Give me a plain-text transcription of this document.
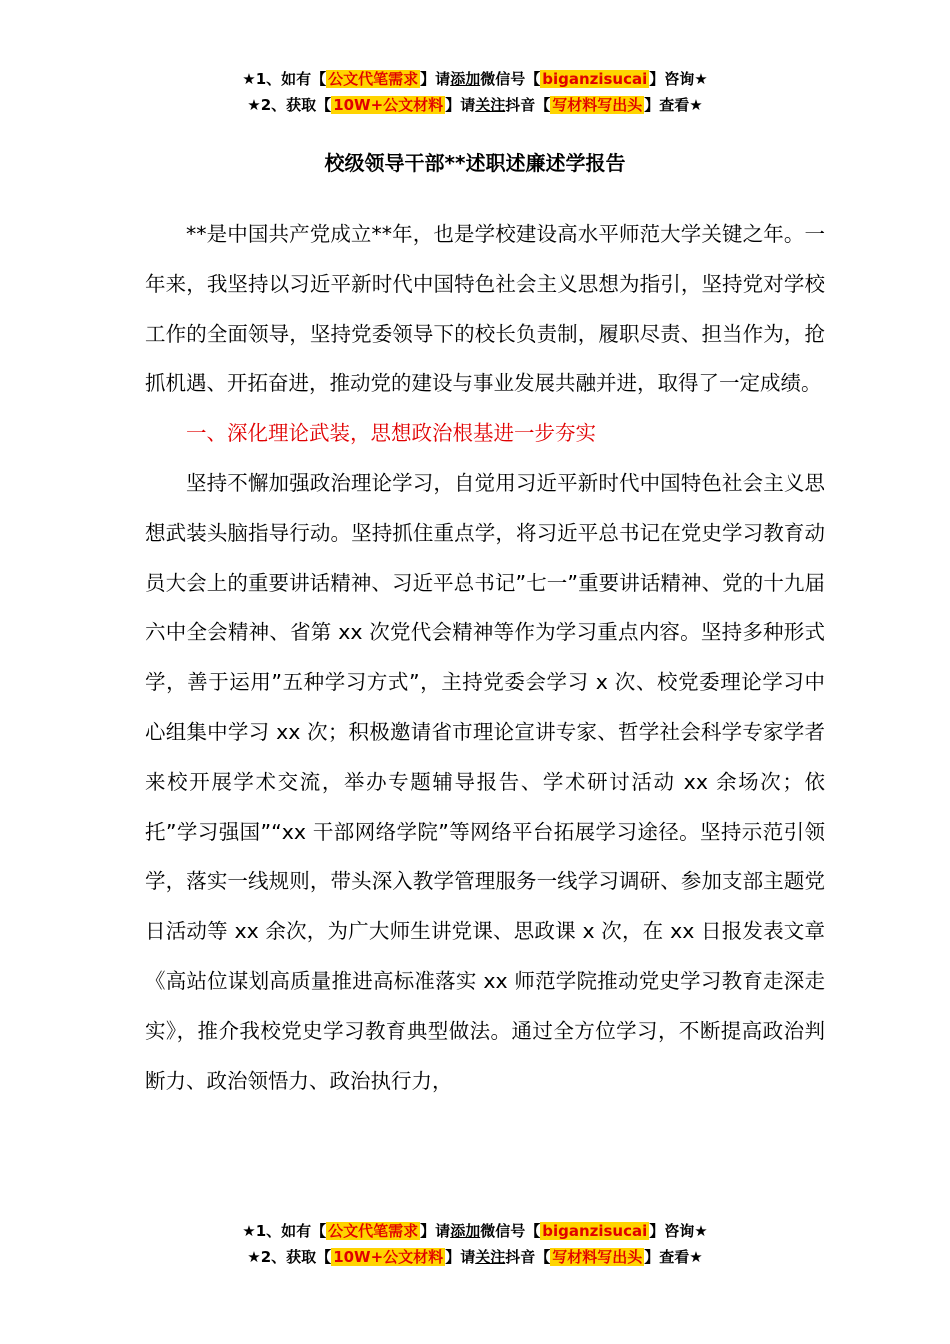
★1、如有【 公文代笔需求 】请添加微信号【 biganzisucai 】咨询★
★2、获取【 10W+公文材料 】请关注抖音【 写材料写出头 】查看★
校级领导干部**述职述廉述学报告

**是中国共产党成立**年，也是学校建设高水平师范大学关键之年。一年来，我坚持以习近平新时代中国特色社会主义思想为指引，坚持党对学校工作的全面领导，坚持党委领导下的校长负责制，履职尽责、担当作为，抢抓机遇、开拓奋进，推动党的建设与事业发展共融并进，取得了一定成绩。

一、深化理论武装，思想政治根基进一步夯实

坚持不懈加强政治理论学习，自觉用习近平新时代中国特色社会主义思想武装头脑指导行动。坚持抓住重点学，将习近平总书记在党史学习教育动员大会上的重要讲话精神、习近平总书记”七一”重要讲话精神、党的十九届六中全会精神、省第 xx 次党代会精神等作为学习重点内容。坚持多种形式学，善于运用”五种学习方式”，主持党委会学习 x 次、校党委理论学习中心组集中学习 xx 次；积极邀请省市理论宣讲专家、哲学社会科学专家学者来校开展学术交流，举办专题辅导报告、学术研讨活动 xx 余场次；依托”学习强国”“xx 干部网络学院”等网络平台拓展学习途径。坚持示范引领学，落实一线规则，带头深入教学管理服务一线学习调研、参加支部主题党日活动等 xx 余次，为广大师生讲党课、思政课 x 次，在 xx 日报发表文章《高站位谋划高质量推进高标准落实 xx 师范学院推动党史学习教育走深走实》，推介我校党史学习教育典型做法。通过全方位学习，不断提高政治判断力、政治领悟力、政治执行力，

★1、如有【 公文代笔需求 】请添加微信号【 biganzisucai 】咨询★
★2、获取【 10W+公文材料 】请关注抖音【 写材料写出头 】查看★
